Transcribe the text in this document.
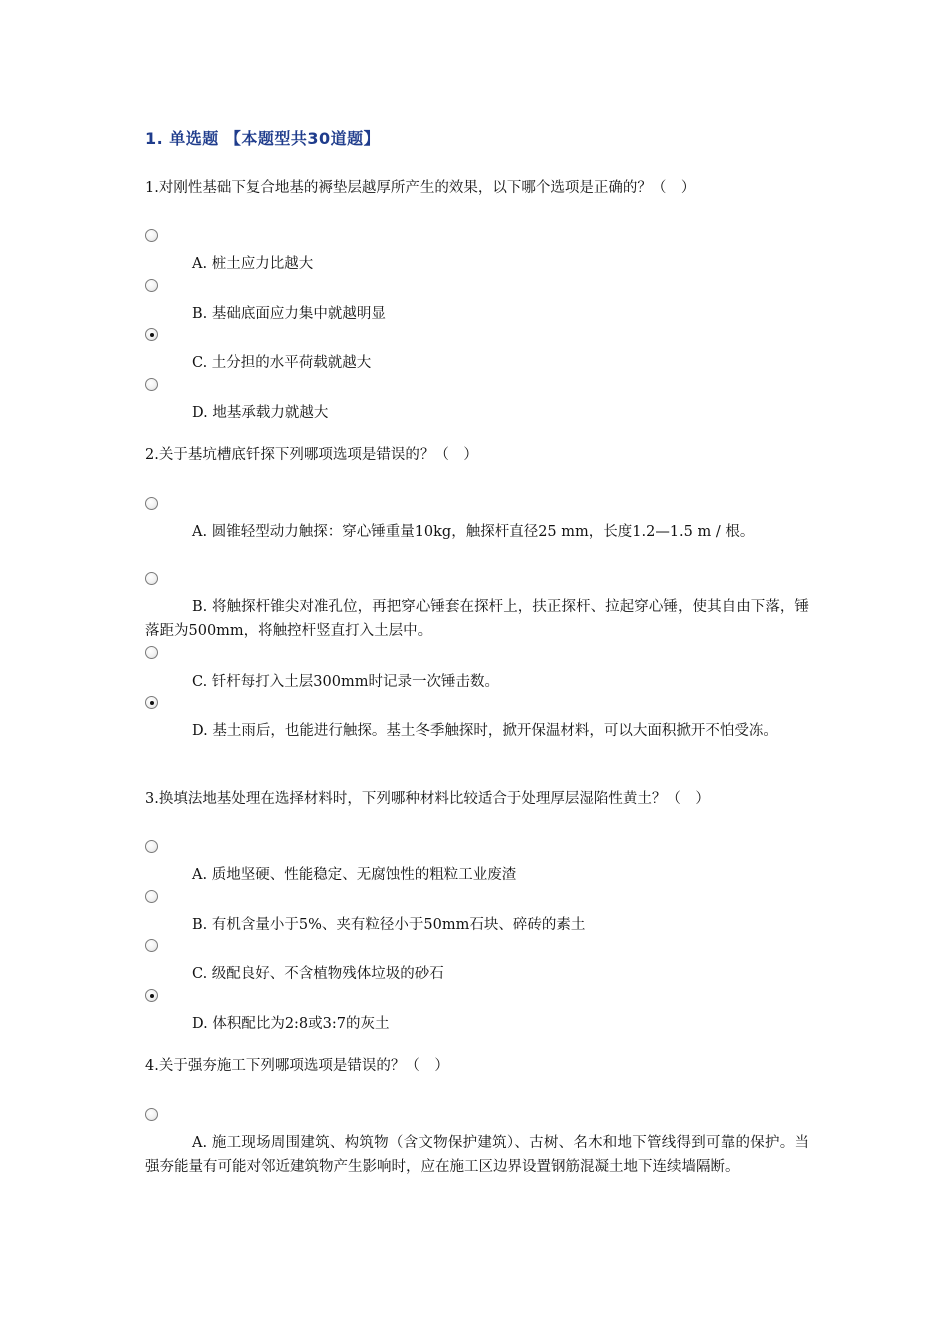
1. 单选题 【本题型共30道题】
1.对刚性基础下复合地基的褥垫层越厚所产生的效果，以下哪个选项是正确的？（　）
A. 桩土应力比越大
B. 基础底面应力集中就越明显
C. 土分担的水平荷载就越大
D. 地基承载力就越大
2.关于基坑槽底钎探下列哪项选项是错误的？（　）
A. 圆锥轻型动力触探：穿心锤重量10kg，触探杆直径25 mm，长度1.2—1.5 m / 根。
B. 将触探杆锥尖对准孔位，再把穿心锤套在探杆上，扶正探杆、拉起穿心锤，使其自由下落，锤落距为500mm，将触控杆竖直打入土层中。
C. 钎杆每打入土层300mm时记录一次锤击数。
D. 基土雨后，也能进行触探。基土冬季触探时，掀开保温材料，可以大面积掀开不怕受冻。
3.换填法地基处理在选择材料时，下列哪种材料比较适合于处理厚层湿陷性黄土？（　）
A. 质地坚硬、性能稳定、无腐蚀性的粗粒工业废渣
B. 有机含量小于5%、夹有粒径小于50mm石块、碎砖的素土
C. 级配良好、不含植物残体垃圾的砂石
D. 体积配比为2:8或3:7的灰土
4.关于强夯施工下列哪项选项是错误的？（　）
A. 施工现场周围建筑、构筑物（含文物保护建筑）、古树、名木和地下管线得到可靠的保护。当强夯能量有可能对邻近建筑物产生影响时，应在施工区边界设置钢筋混凝土地下连续墙隔断。
